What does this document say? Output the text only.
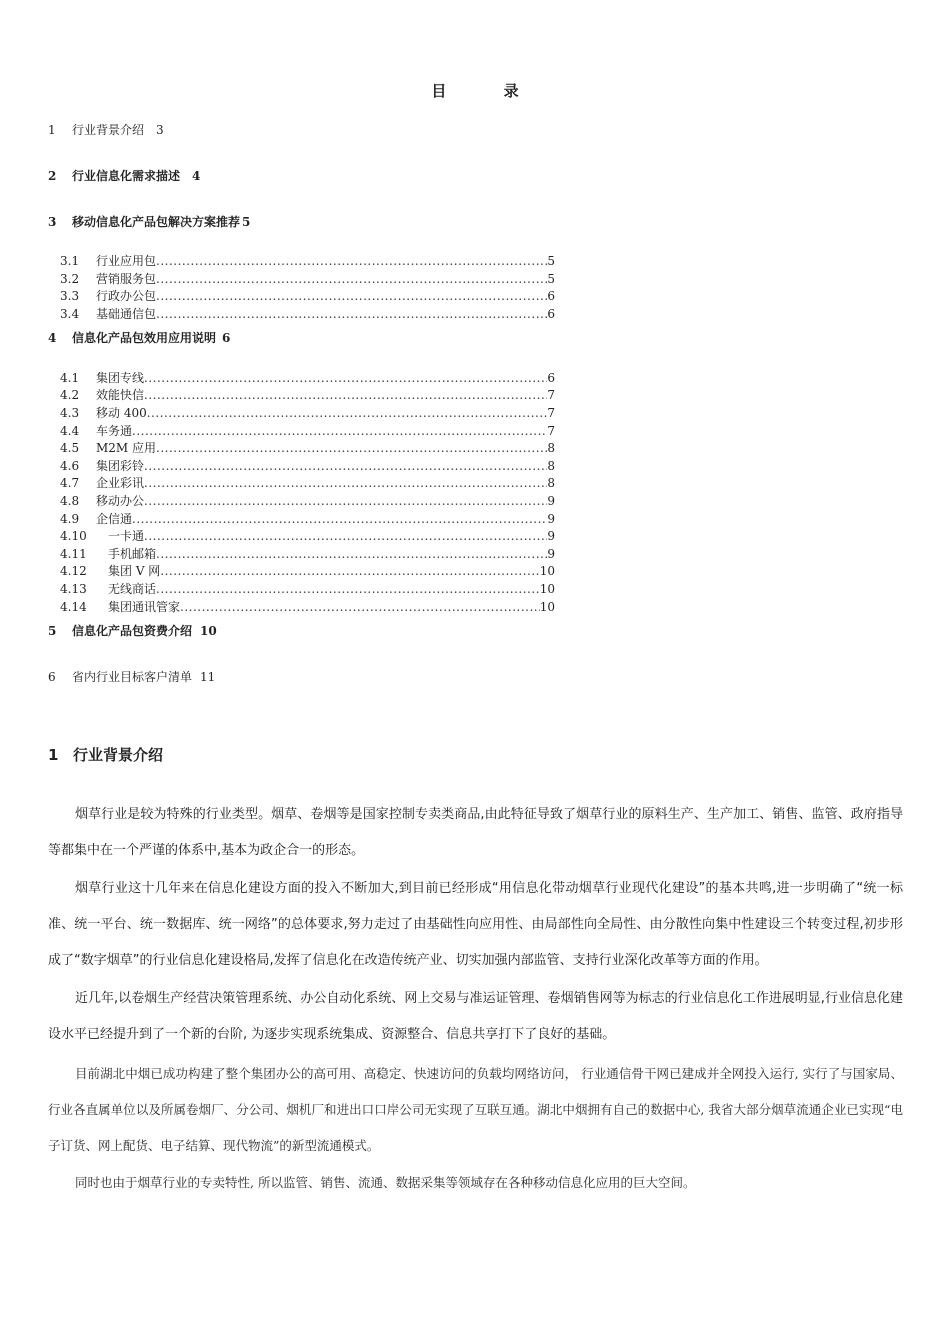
目 录
1 行业背景介绍 3
2 行业信息化需求描述 4
3 移动信息化产品包解决方案推荐 5
3.1	行业应用包 .....	5
3.2	营销服务包 .....	5
3.3	行政办公包 .....	6
3.4	基础通信包 .....	6
4 信息化产品包效用应用说明 6
4.1	集团专线 .....	6
4.2	效能快信 .....	7
4.3	移动 400 .....	7
4.4	车务通 .....	7
4.5	M2M 应用 .....	8
4.6	集团彩铃 .....	8
4.7	企业彩讯 .....	8
4.8	移动办公 .....	9
4.9	企信通 .....	9
4.10	一卡通 .....	9
4.11	手机邮箱 .....	9
4.12	集团 V 网 .....	10
4.13	无线商话 .....	10
4.14	集团通讯管家 .....	10
5 信息化产品包资费介绍 10
6 省内行业目标客户清单 11
1 行业背景介绍

烟草行业是较为特殊的行业类型。烟草、卷烟等是国家控制专卖类商品,由此特征导致了烟草行业的原料生产、生产加工、销售、监管、政府指导等都集中在一个严谨的体系中,基本为政企合一的形态。

烟草行业这十几年来在信息化建设方面的投入不断加大,到目前已经形成“用信息化带动烟草行业现代化建设”的基本共鸣,进一步明确了“统一标准、统一平台、统一数据库、统一网络”的总体要求,努力走过了由基础性向应用性、由局部性向全局性、由分散性向集中性建设三个转变过程,初步形成了“数字烟草”的行业信息化建设格局,发挥了信息化在改造传统产业、切实加强内部监管、支持行业深化改革等方面的作用。

近几年,以卷烟生产经营决策管理系统、办公自动化系统、网上交易与准运证管理、卷烟销售网等为标志的行业信息化工作进展明显,行业信息化建设水平已经提升到了一个新的台阶, 为逐步实现系统集成、资源整合、信息共享打下了良好的基础。

目前湖北中烟已成功构建了整个集团办公的高可用、高稳定、快速访问的负载均网络访问， 行业通信骨干网已建成并全网投入运行, 实行了与国家局、行业各直属单位以及所属卷烟厂、分公司、烟机厂和进出口口岸公司无实现了互联互通。湖北中烟拥有自己的数据中心, 我省大部分烟草流通企业已实现“电子订货、网上配货、电子结算、现代物流”的新型流通模式。

同时也由于烟草行业的专卖特性, 所以监管、销售、流通、数据采集等领域存在各种移动信息化应用的巨大空间。
